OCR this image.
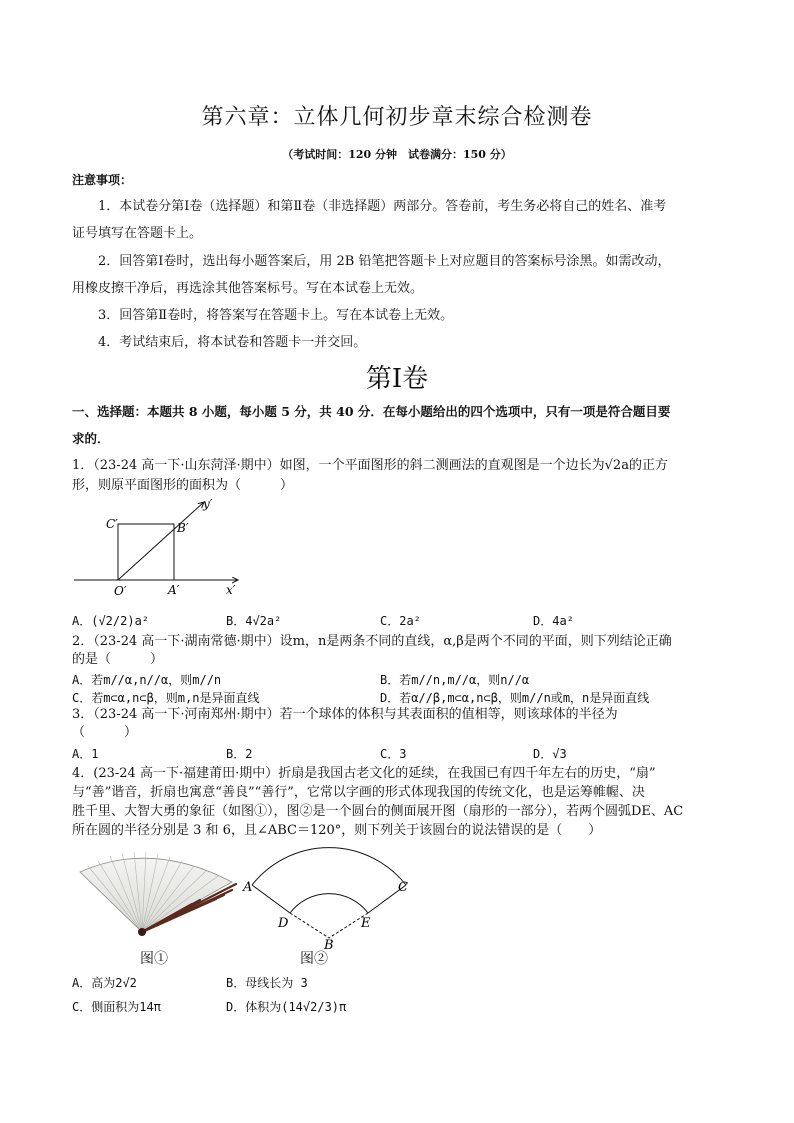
第六章：立体几何初步章末综合检测卷
（考试时间：120 分钟　试卷满分：150 分）
注意事项：
1．本试卷分第Ⅰ卷（选择题）和第Ⅱ卷（非选择题）两部分。答卷前，考生务必将自己的姓名、准考
证号填写在答题卡上。
2．回答第Ⅰ卷时，选出每小题答案后，用 2B 铅笔把答题卡上对应题目的答案标号涂黑。如需改动，
用橡皮擦干净后，再选涂其他答案标号。写在本试卷上无效。
3．回答第Ⅱ卷时，将答案写在答题卡上。写在本试卷上无效。
4．考试结束后，将本试卷和答题卡一并交回。
第Ⅰ卷
一、选择题：本题共 8 小题，每小题 5 分，共 40 分．在每小题给出的四个选项中，只有一项是符合题目要
求的．
1．（23-24 高一下·山东菏泽·期中）如图，一个平面图形的斜二测画法的直观图是一个边长为√2a的正方
形，则原平面图形的面积为（　　　）
C′	B′
O′	A′	x′
y′
A．(√2/2)a²	B．4√2a²	C．2a²	D．4a²
2．（23-24 高一下·湖南常德·期中）设m，n是两条不同的直线，α,β是两个不同的平面，则下列结论正确
的是（　　　）
A．若m//α,n//α，则m//n	B．若m//n,m//α，则n//α
C．若m⊂α,n⊂β，则m,n是异面直线	D．若α//β,m⊂α,n⊂β，则m//n或m，n是异面直线
3．（23-24 高一下·河南郑州·期中）若一个球体的体积与其表面积的值相等，则该球体的半径为
（　　　）
A．1	B．2	C．3	D．√3
4．(23-24 高一下·福建莆田·期中）折扇是我国古老文化的延续，在我国已有四千年左右的历史，“扇”
与“善”谐音，折扇也寓意“善良”“善行”，它常以字画的形式体现我国的传统文化，也是运筹帷幄、决
胜千里、大智大勇的象征（如图①），图②是一个圆台的侧面展开图（扇形的一部分），若两个圆弧DE、AC
所在圆的半径分别是 3 和 6，且∠ABC＝120°，则下列关于该圆台的说法错误的是（　　）
图①
A	C
D	E
B
图②
A．高为2√2	B．母线长为 3
C．侧面积为14π	D．体积为(14√2/3)π
